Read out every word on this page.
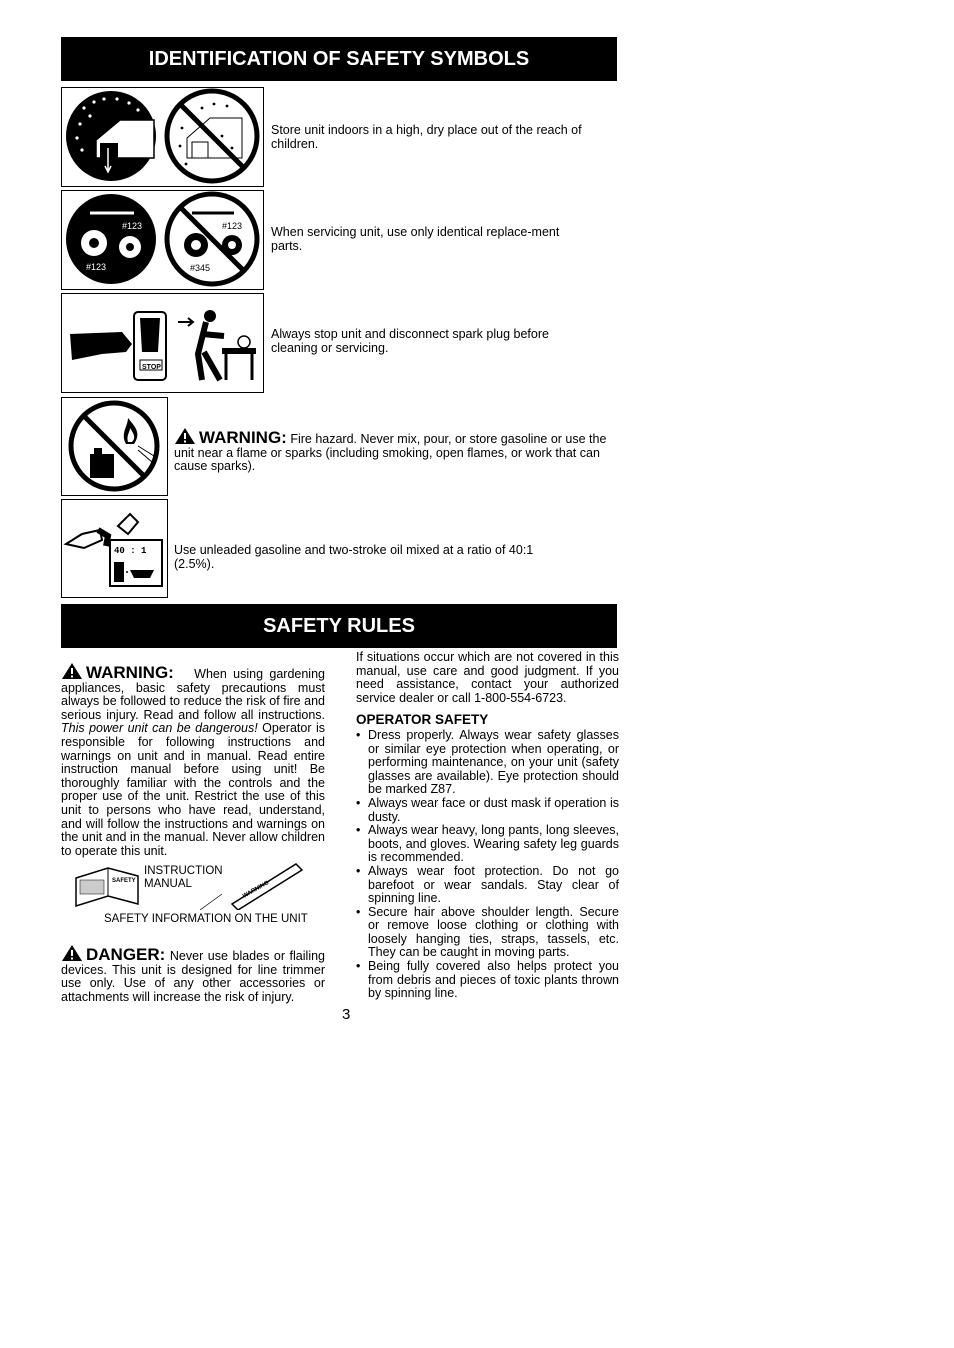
IDENTIFICATION OF SAFETY SYMBOLS
Store unit indoors in a high, dry place out of the reach of children.
#123
#123
#123
#345
When servicing unit, use only identical replace-ment parts.
STOP
Always stop unit and disconnect spark plug before cleaning or servicing.
WARNING: Fire hazard. Never mix, pour, or store gasoline or use the unit near a flame or sparks (including smoking, open flames, or work that can cause sparks).
40 : 1 Use unleaded gasoline and two-stroke oil mixed at a ratio of 40:1 (2.5%).
SAFETY RULES
WARNING: When using gardening appliances, basic safety precautions must always be followed to reduce the risk of fire and serious injury. Read and follow all instructions. This power unit can be dangerous! Operator is responsible for following instructions and warnings on unit and in manual. Read entire instruction manual before using unit! Be thoroughly familiar with the controls and the proper use of the unit. Restrict the use of this unit to persons who have read, understand, and will follow the instructions and warnings on the unit and in the manual. Never allow children to operate this unit.
SAFETY	WARNING
INSTRUCTION
MANUAL
SAFETY INFORMATION ON THE UNIT
DANGER: Never use blades or flailing devices. This unit is designed for line trimmer use only. Use of any other accessories or attachments will increase the risk of injury.
If situations occur which are not covered in this manual, use care and good judgment. If you need assistance, contact your authorized service dealer or call 1-800-554-6723.
OPERATOR SAFETY
• Dress properly. Always wear safety glasses or similar eye protection when operating, or performing maintenance, on your unit (safety glasses are available). Eye protection should be marked Z87.
• Always wear face or dust mask if operation is dusty.
• Always wear heavy, long pants, long sleeves, boots, and gloves. Wearing safety leg guards is recommended.
• Always wear foot protection. Do not go barefoot or wear sandals. Stay clear of spinning line.
• Secure hair above shoulder length. Secure or remove loose clothing or clothing with loosely hanging ties, straps, tassels, etc. They can be caught in moving parts.
• Being fully covered also helps protect you from debris and pieces of toxic plants thrown by spinning line.
3
